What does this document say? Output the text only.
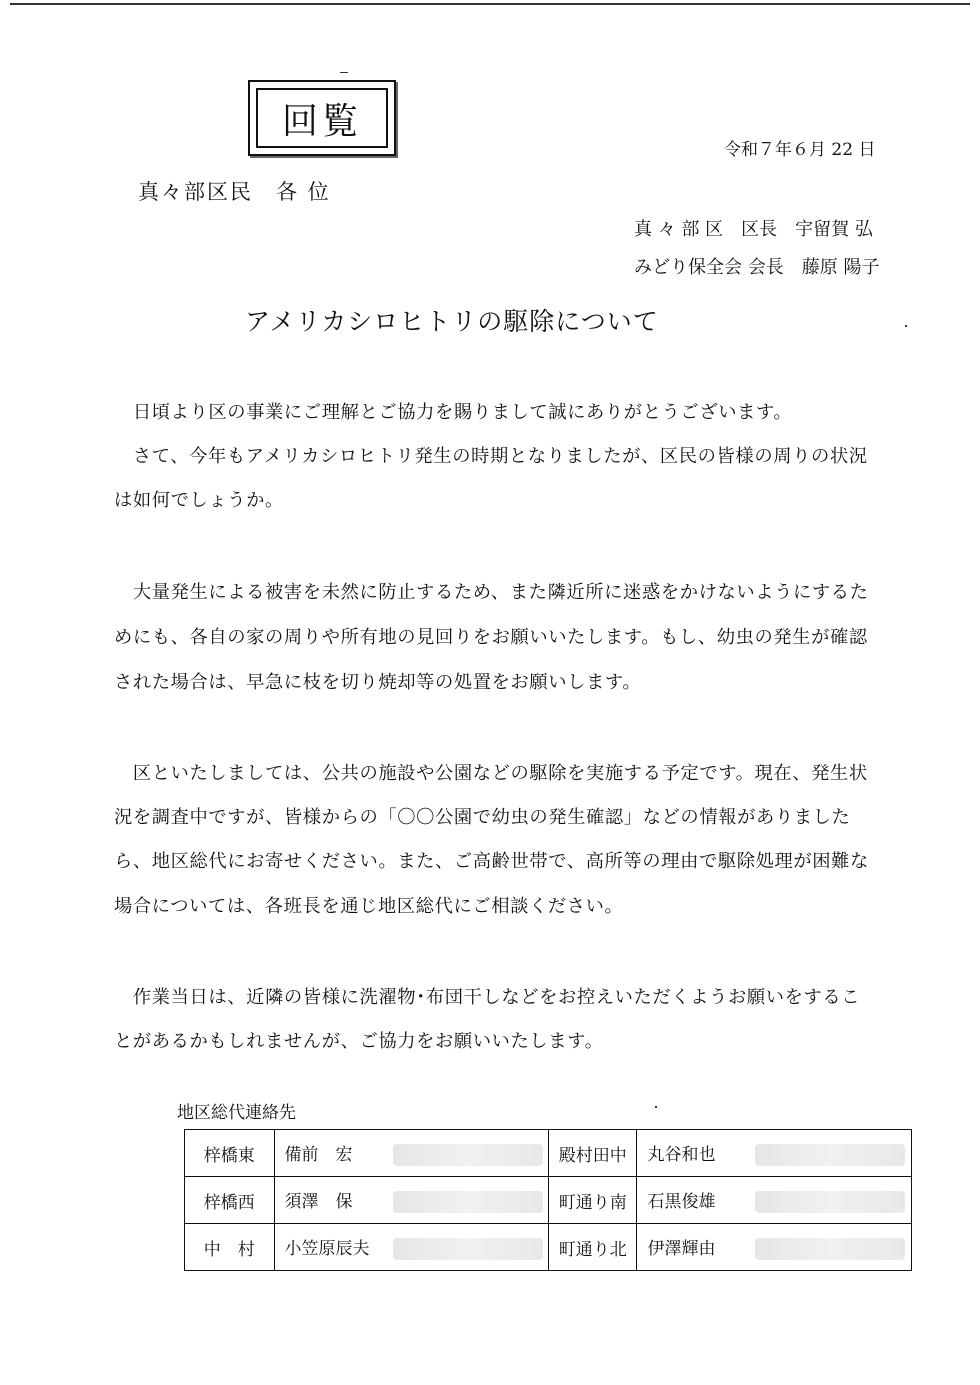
回覧
令和７年６月 22 日
真々部区民　各 位
真 々 部 区　区長　宇留賀 弘
みどり保全会 会長　藤原 陽子
アメリカシロヒトリの駆除について
　日頃より区の事業にご理解とご協力を賜りまして誠にありがとうございます。
　さて、今年もアメリカシロヒトリ発生の時期となりましたが、区民の皆様の周りの状況
は如何でしょうか。
　大量発生による被害を未然に防止するため、また隣近所に迷惑をかけないようにするた
めにも、各自の家の周りや所有地の見回りをお願いいたします。もし、幼虫の発生が確認
された場合は、早急に枝を切り焼却等の処置をお願いします。
　区といたしましては、公共の施設や公園などの駆除を実施する予定です。現在、発生状
況を調査中ですが、皆様からの「〇〇公園で幼虫の発生確認」などの情報がありました
ら、地区総代にお寄せください。また、ご高齢世帯で、高所等の理由で駆除処理が困難な
場合については、各班長を通じ地区総代にご相談ください。
　作業当日は、近隣の皆様に洗濯物･布団干しなどをお控えいただくようお願いをするこ
とがあるかもしれませんが、ご協力をお願いいたします。
地区総代連絡先
梓橋東	備前　宏	殿村田中	丸谷和也
梓橋西	須澤　保	町通り南	石黒俊雄
中　村	小笠原辰夫	町通り北	伊澤輝由
